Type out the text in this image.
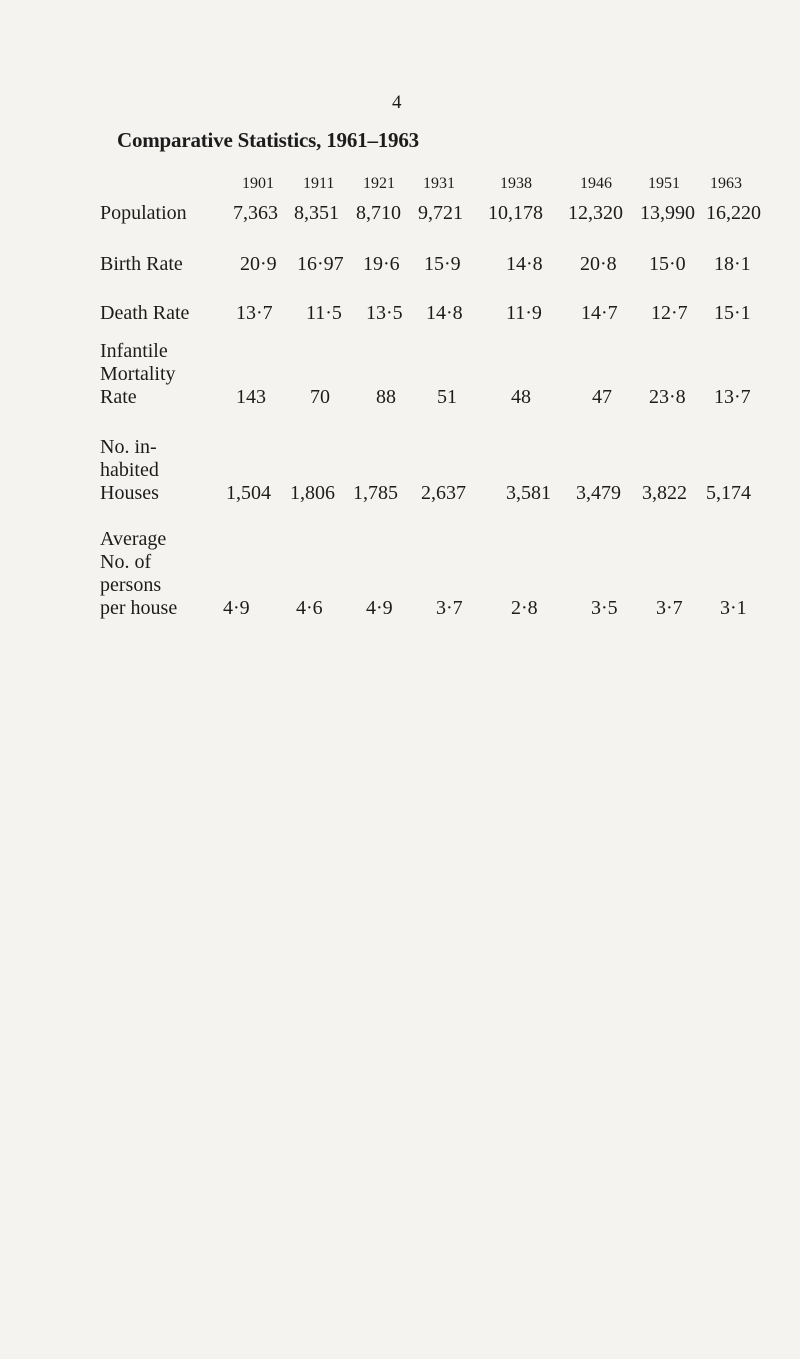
4
Comparative Statistics, 1961–1963
1901 1911 1921 1931	1938	1946 1951 1963
Population 7,363 8,351 8,710 9,721 10,178 12,320 13,990 16,220
Birth Rate	20·9 16·97 19·6 15·9 14·8 20·8 15·0 18·1
Death Rate 13·7 11·5 13·5 14·8 11·9 14·7 12·7 15·1
Infantile
Mortality
Rate	143 70 88 51	48	47 23·8 13·7
No. in-
habited
Houses	1,504 1,806 1,785 2,637 3,581 3,479 3,822 5,174
Average
No. of
persons
per house 4·9 4·6 4·9 3·7 2·8	3·5 3·7 3·1
